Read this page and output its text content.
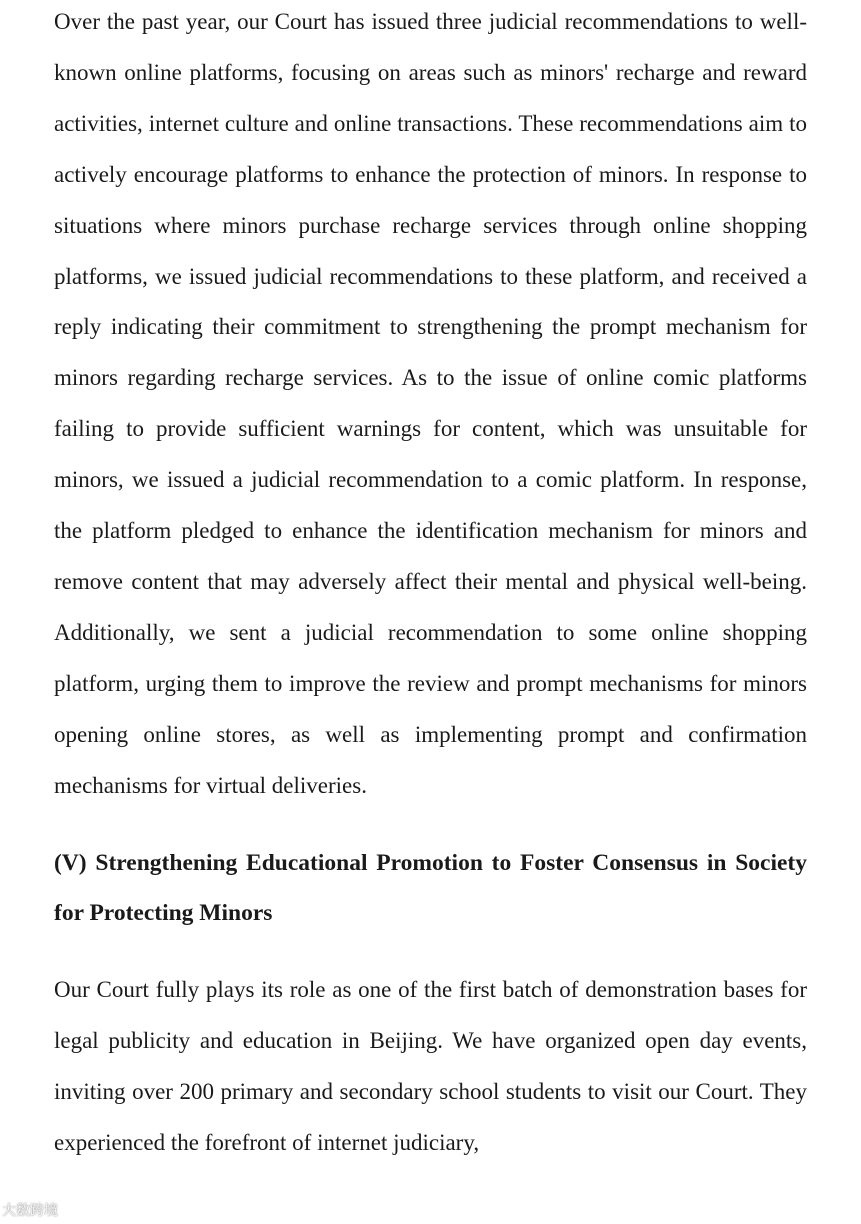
Over the past year, our Court has issued three judicial recommendations to well-known online platforms, focusing on areas such as minors' recharge and reward activities, internet culture and online transactions. These recommendations aim to actively encourage platforms to enhance the protection of minors. In response to situations where minors purchase recharge services through online shopping platforms, we issued judicial recommendations to these platform, and received a reply indicating their commitment to strengthening the prompt mechanism for minors regarding recharge services. As to the issue of online comic platforms failing to provide sufficient warnings for content, which was unsuitable for minors, we issued a judicial recommendation to a comic platform. In response, the platform pledged to enhance the identification mechanism for minors and remove content that may adversely affect their mental and physical well-being. Additionally, we sent a judicial recommendation to some online shopping platform, urging them to improve the review and prompt mechanisms for minors opening online stores, as well as implementing prompt and confirmation mechanisms for virtual deliveries.

(V) Strengthening Educational Promotion to Foster Consensus in Society for Protecting Minors

Our Court fully plays its role as one of the first batch of demonstration bases for legal publicity and education in Beijing. We have organized open day events, inviting over 200 primary and secondary school students to visit our Court. They experienced the forefront of internet judiciary,

大数跨境
